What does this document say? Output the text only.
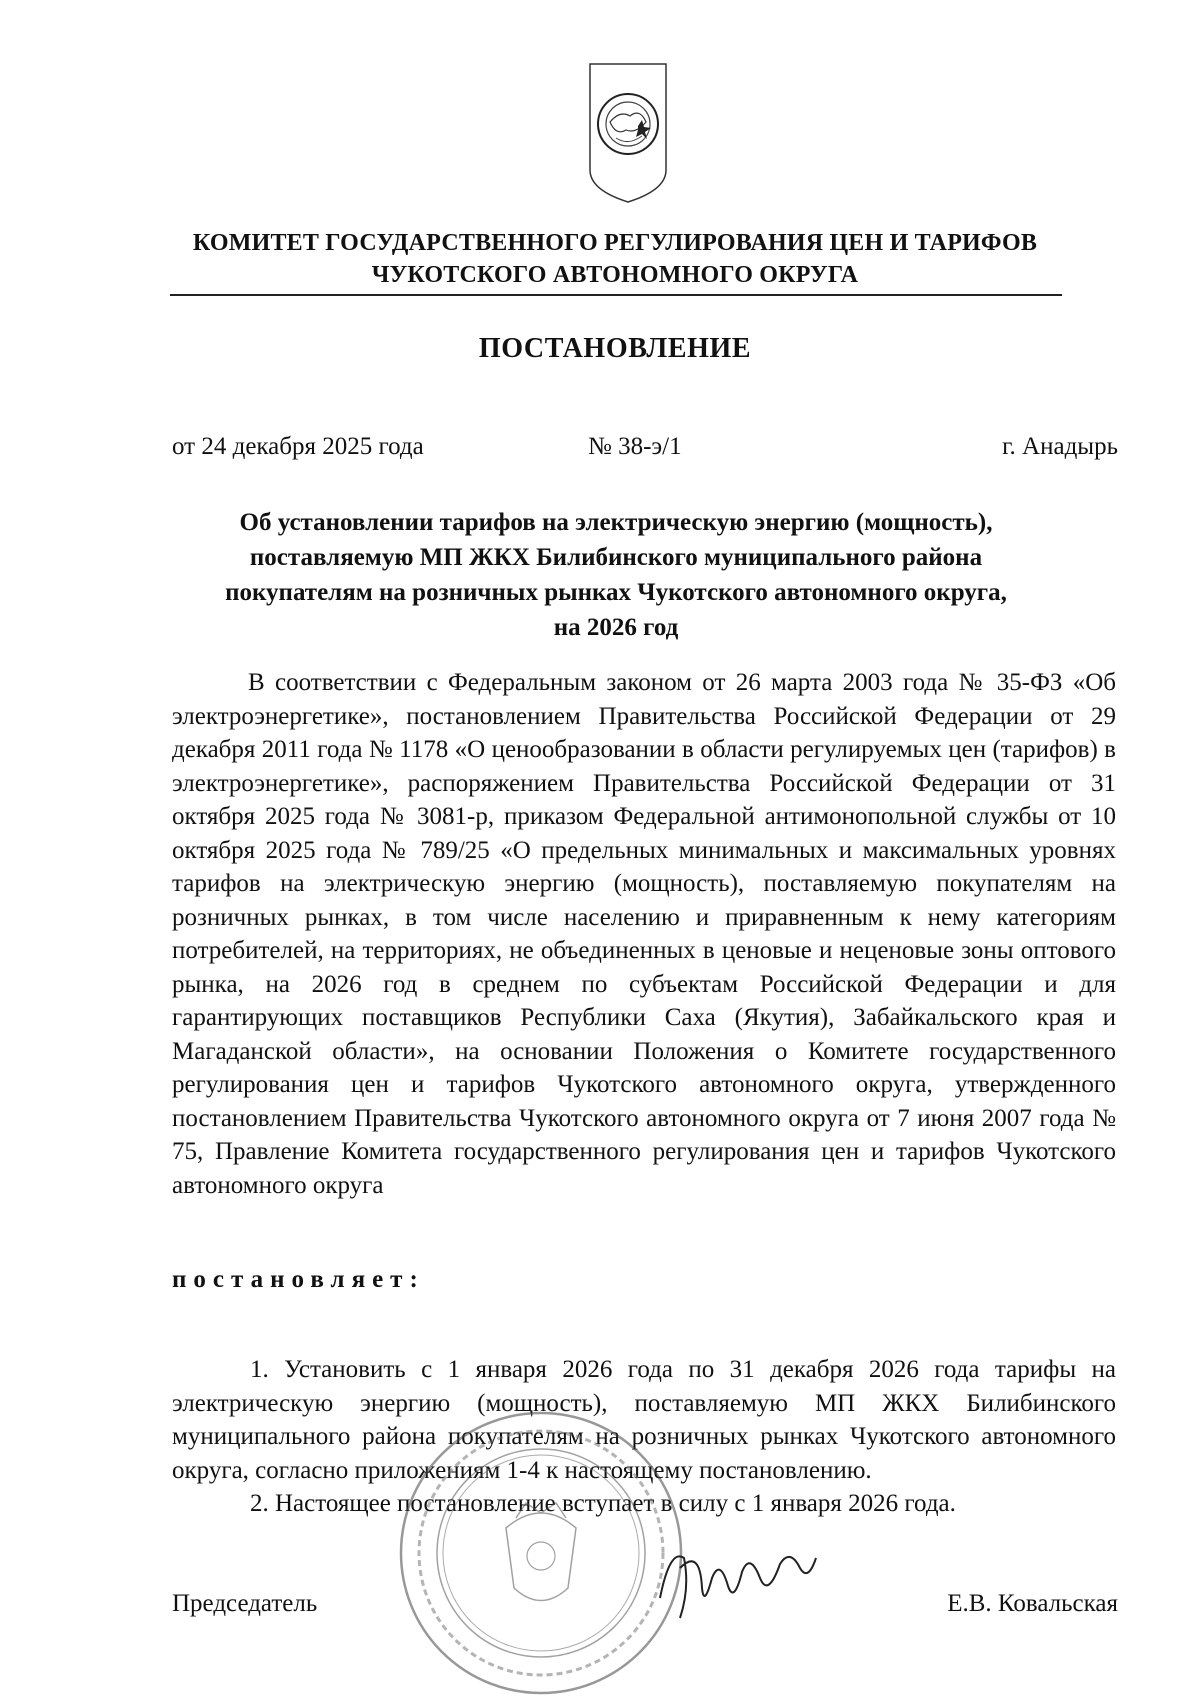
КОМИТЕТ ГОСУДАРСТВЕННОГО РЕГУЛИРОВАНИЯ ЦЕН И ТАРИФОВ
ЧУКОТСКОГО АВТОНОМНОГО ОКРУГА
ПОСТАНОВЛЕНИЕ
от 24 декабря 2025 года	№ 38-э/1	г. Анадырь
Об установлении тарифов на электрическую энергию (мощность),
поставляемую МП ЖКХ Билибинского муниципального района
покупателям на розничных рынках Чукотского автономного округа,
на 2026 год

В соответствии с Федеральным законом от 26 марта 2003 года № 35-ФЗ «Об электроэнергетике», постановлением Правительства Российской Федерации от 29 декабря 2011 года № 1178 «О ценообразовании в области регулируемых цен (тарифов) в электроэнергетике», распоряжением Правительства Российской Федерации от 31 октября 2025 года № 3081-р, приказом Федеральной антимонопольной службы от 10 октября 2025 года № 789/25 «О предельных минимальных и максимальных уровнях тарифов на электрическую энергию (мощность), поставляемую покупателям на розничных рынках, в том числе населению и приравненным к нему категориям потребителей, на территориях, не объединенных в ценовые и неценовые зоны оптового рынка, на 2026 год в среднем по субъектам Российской Федерации и для гарантирующих поставщиков Республики Саха (Якутия), Забайкальского края и Магаданской области», на основании Положения о Комитете государственного регулирования цен и тарифов Чукотского автономного округа, утвержденного постановлением Правительства Чукотского автономного округа от 7 июня 2007 года № 75, Правление Комитета государственного регулирования цен и тарифов Чукотского автономного округа

постановляет:

1. Установить с 1 января 2026 года по 31 декабря 2026 года тарифы на электрическую энергию (мощность), поставляемую МП ЖКХ Билибинского муниципального района покупателям на розничных рынках Чукотского автономного округа, согласно приложениям 1-4 к настоящему постановлению.

2. Настоящее постановление вступает в силу с 1 января 2026 года.
Председатель	Е.В. Ковальская
